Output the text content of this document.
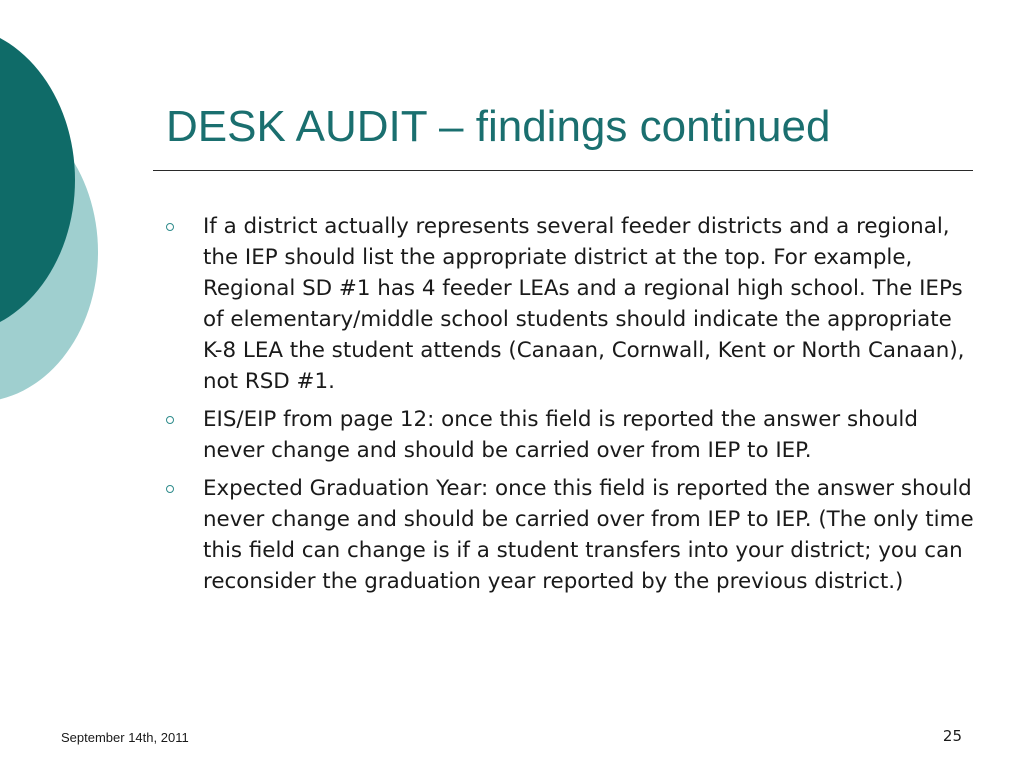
DESK AUDIT – findings continued
If a district actually represents several feeder districts and a regional, the IEP should list the appropriate district at the top. For example, Regional SD #1 has 4 feeder LEAs and a regional high school. The IEPs of elementary/middle school students should indicate the appropriate K-8 LEA the student attends (Canaan, Cornwall, Kent or North Canaan), not RSD #1.
EIS/EIP from page 12: once this field is reported the answer should never change and should be carried over from IEP to IEP.
Expected Graduation Year: once this field is reported the answer should never change and should be carried over from IEP to IEP. (The only time this field can change is if a student transfers into your district; you can reconsider the graduation year reported by the previous district.)
September 14th, 2011	25
